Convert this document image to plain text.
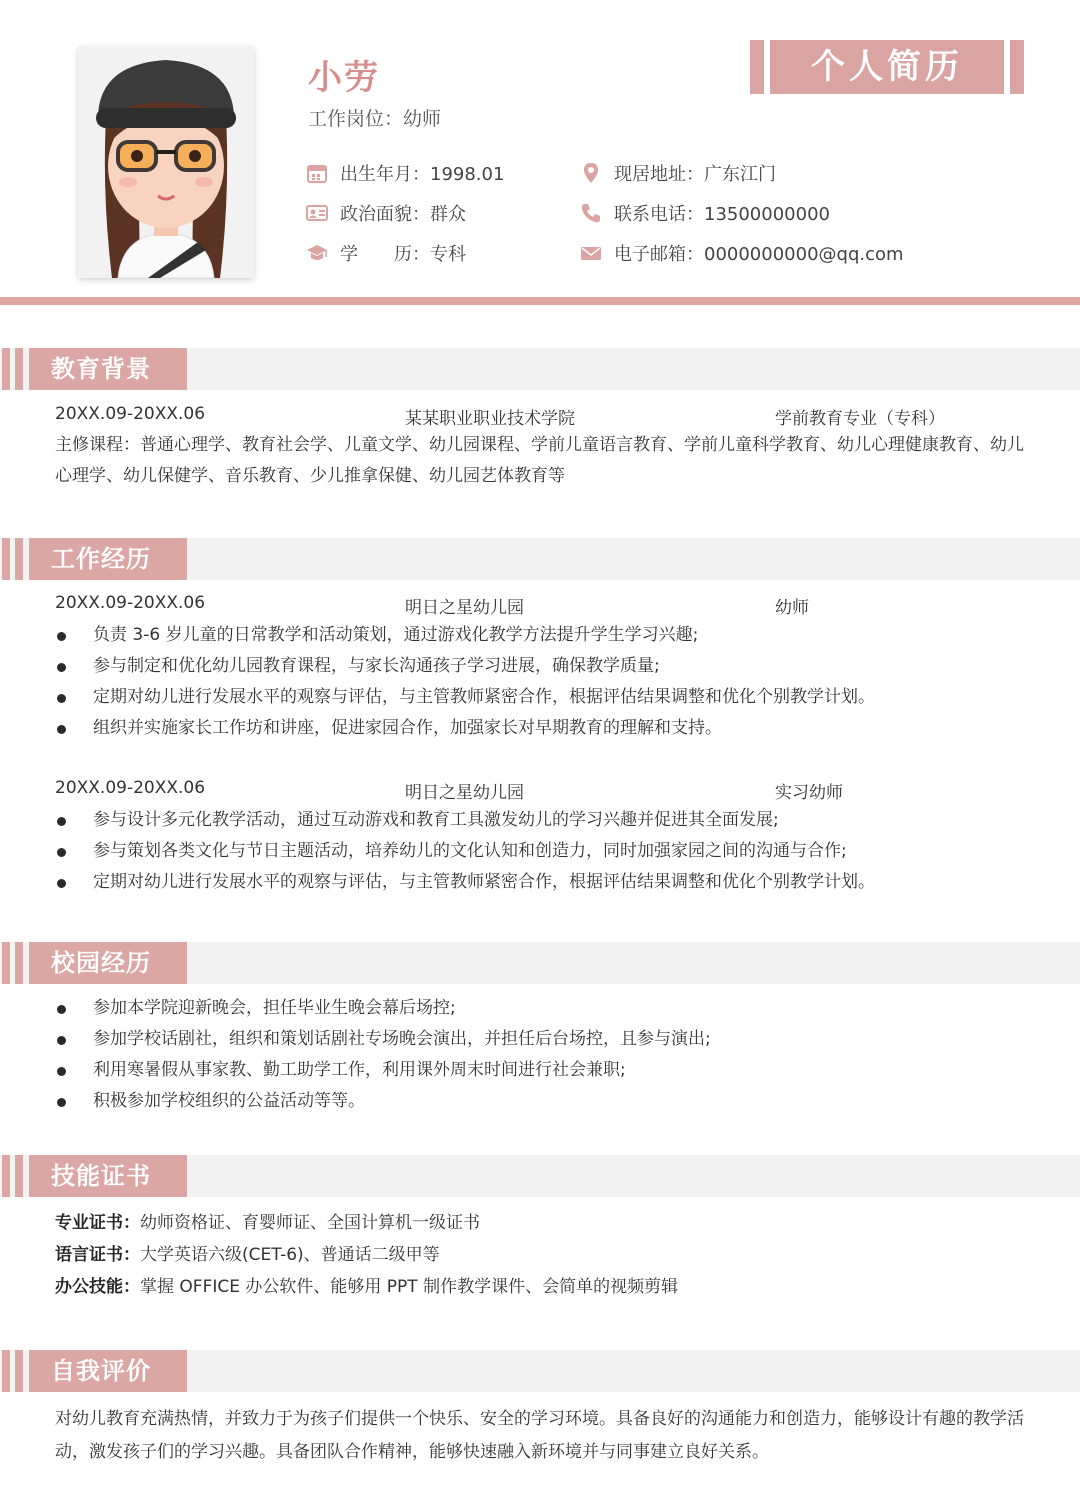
小劳
工作岗位：幼师
个人简历
出生年月：1998.01
政治面貌：群众
学　　历：专科
现居地址：广东江门
联系电话：13500000000
电子邮箱：0000000000@qq.com
教育背景
20XX.09-20XX.06	某某职业职业技术学院	学前教育专业（专科）
主修课程：普通心理学、教育社会学、儿童文学、幼儿园课程、学前儿童语言教育、学前儿童科学教育、幼儿心理健康教育、幼儿心理学、幼儿保健学、音乐教育、少儿推拿保健、幼儿园艺体教育等
工作经历
20XX.09-20XX.06	明日之星幼儿园	幼师
负责 3-6 岁儿童的日常教学和活动策划，通过游戏化教学方法提升学生学习兴趣;
参与制定和优化幼儿园教育课程，与家长沟通孩子学习进展，确保教学质量;
定期对幼儿进行发展水平的观察与评估，与主管教师紧密合作，根据评估结果调整和优化个别教学计划。
组织并实施家长工作坊和讲座，促进家园合作，加强家长对早期教育的理解和支持。
20XX.09-20XX.06	明日之星幼儿园	实习幼师
参与设计多元化教学活动，通过互动游戏和教育工具激发幼儿的学习兴趣并促进其全面发展;
参与策划各类文化与节日主题活动，培养幼儿的文化认知和创造力，同时加强家园之间的沟通与合作;
定期对幼儿进行发展水平的观察与评估，与主管教师紧密合作，根据评估结果调整和优化个别教学计划。
校园经历
参加本学院迎新晚会，担任毕业生晚会幕后场控;
参加学校话剧社，组织和策划话剧社专场晚会演出，并担任后台场控，且参与演出;
利用寒暑假从事家教、勤工助学工作，利用课外周末时间进行社会兼职;
积极参加学校组织的公益活动等等。
技能证书
专业证书：幼师资格证、育婴师证、全国计算机一级证书
语言证书：大学英语六级(CET-6)、普通话二级甲等
办公技能：掌握 OFFICE 办公软件、能够用 PPT 制作教学课件、会简单的视频剪辑
自我评价
对幼儿教育充满热情，并致力于为孩子们提供一个快乐、安全的学习环境。具备良好的沟通能力和创造力，能够设计有趣的教学活动，激发孩子们的学习兴趣。具备团队合作精神，能够快速融入新环境并与同事建立良好关系。
